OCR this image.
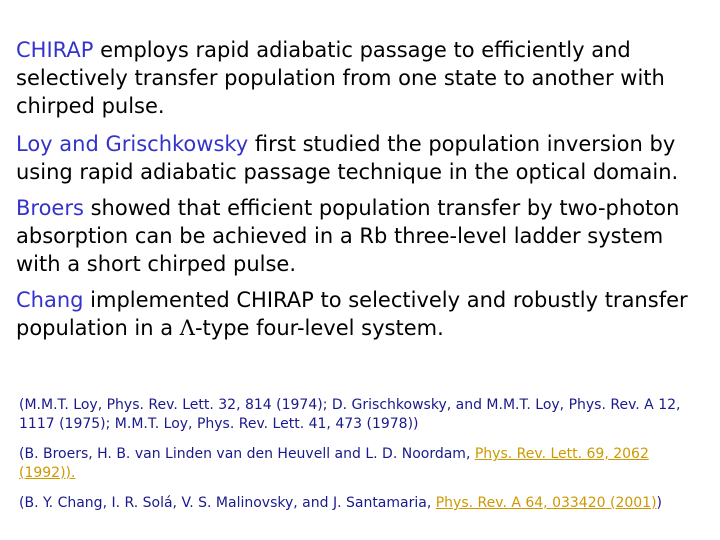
CHIRAP employs rapid adiabatic passage to efficiently and selectively transfer population from one state to another with chirped pulse.

Loy and Grischkowsky first studied the population inversion by using rapid adiabatic passage technique in the optical domain.

Broers showed that efficient population transfer by two-photon absorption can be achieved in a Rb three-level ladder system with a short chirped pulse.

Chang implemented CHIRAP to selectively and robustly transfer population in a Λ-type four-level system.

(M.M.T. Loy, Phys. Rev. Lett. 32, 814 (1974); D. Grischkowsky, and M.M.T. Loy, Phys. Rev. A 12, 1117 (1975); M.M.T. Loy, Phys. Rev. Lett. 41, 473 (1978))

(B. Broers, H. B. van Linden van den Heuvell and L. D. Noordam, Phys. Rev. Lett. 69, 2062 (1992)).

(B. Y. Chang, I. R. Solá, V. S. Malinovsky, and J. Santamaria, Phys. Rev. A 64, 033420 (2001))
